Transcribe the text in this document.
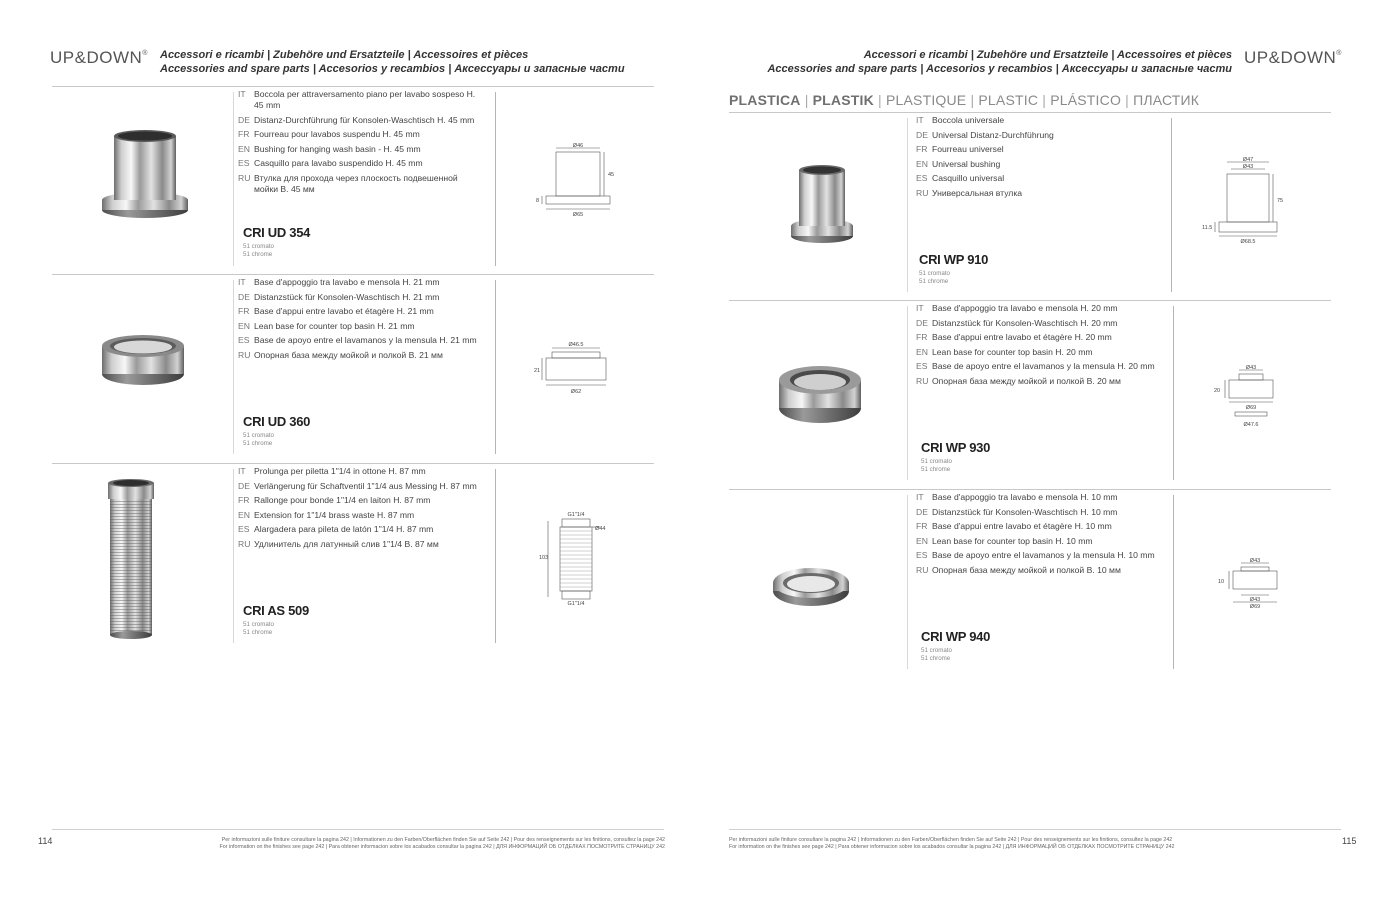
UP&DOWN® Accessori e ricambi | Zubehöre und Ersatzteile | Accessoires et pièces
Accessories and spare parts | Accesorios y recambios | Аксессуары и запасные части
IT Boccola per attraversamento piano per lavabo sospeso H. 45 mm
DE Distanz-Durchführung für Konsolen-Waschtisch H. 45 mm
FR Fourreau pour lavabos suspendu H. 45 mm
EN Bushing for hanging wash basin - H. 45 mm
ES Casquillo para lavabo suspendido H. 45 mm
RU Втулка для прохода через плоскость подвешенной мойки В. 45 мм
CRI UD 354
51 cromato
51 chrome
Ø46
Ø65
45
8
IT Base d'appoggio tra lavabo e mensola H. 21 mm
DE Distanzstück für Konsolen-Waschtisch H. 21 mm
FR Base d'appui entre lavabo et étagère H. 21 mm
EN Lean base for counter top basin H. 21 mm
ES Base de apoyo entre el lavamanos y la mensula H. 21 mm
RU Опорная база между мойкой и полкой В. 21 мм
CRI UD 360
51 cromato
51 chrome
Ø46.5
Ø62
21
IT Prolunga per piletta 1"1/4 in ottone H. 87 mm
DE Verlängerung für Schaftventil 1"1/4 aus Messing H. 87 mm
FR Rallonge pour bonde 1"1/4 en laiton H. 87 mm
EN Extension for 1"1/4 brass waste H. 87 mm
ES Alargadera para pileta de latón 1"1/4 H. 87 mm
RU Удлинитель для латунный слив 1"1/4 В. 87 мм
CRI AS 509
51 cromato
51 chrome
G1"1/4
G1"1/4
Ø44
103
114	Per informazioni sulle finiture consultare la pagina 242 | Informationen zu den Farben/Oberflächen finden Sie auf Seite 242 | Pour des renseignements sur les finitions, consultez la page 242
For information on the finishes see page 242 | Para obtener informacion sobre los acabados consultar la pagina 242 | ДЛЯ ИНФОРМАЦИЙ ОБ ОТДЕЛКАХ ПОСМОТРИТЕ СТРАНИЦУ 242
Accessori e ricambi | Zubehöre und Ersatzteile | Accessoires et pièces
Accessories and spare parts | Accesorios y recambios | Аксессуары и запасные части
UP&DOWN®
PLASTICA | PLASTIK | PLASTIQUE | PLASTIC | PLÁSTICO | ПЛАСТИК
IT Boccola universale
DE Universal Distanz-Durchführung
FR Fourreau universel
EN Universal bushing
ES Casquillo universal
RU Универсальная втулка
CRI WP 910
51 cromato
51 chrome
Ø47
Ø43
Ø68.5
75
11.5
IT Base d'appoggio tra lavabo e mensola H. 20 mm
DE Distanzstück für Konsolen-Waschtisch H. 20 mm
FR Base d'appui entre lavabo et étagère H. 20 mm
EN Lean base for counter top basin H. 20 mm
ES Base de apoyo entre el lavamanos y la mensula H. 20 mm
RU Опорная база между мойкой и полкой В. 20 мм
CRI WP 930
51 cromato
51 chrome
Ø43
Ø69
Ø47.6
20
IT Base d'appoggio tra lavabo e mensola H. 10 mm
DE Distanzstück für Konsolen-Waschtisch H. 10 mm
FR Base d'appui entre lavabo et étagère H. 10 mm
EN Lean base for counter top basin H. 10 mm
ES Base de apoyo entre el lavamanos y la mensula H. 10 mm
RU Опорная база между мойкой и полкой В. 10 мм
CRI WP 940
51 cromato
51 chrome
Ø43
Ø43
Ø69
10
Per informazioni sulle finiture consultare la pagina 242 | Informationen zu den Farben/Oberflächen finden Sie auf Seite 242 | Pour des renseignements sur les finitions, consultez la page 242
For information on the finishes see page 242 | Para obtener informacion sobre los acabados consultar la pagina 242 | ДЛЯ ИНФОРМАЦИЙ ОБ ОТДЕЛКАХ ПОСМОТРИТЕ СТРАНИЦУ 242
115
